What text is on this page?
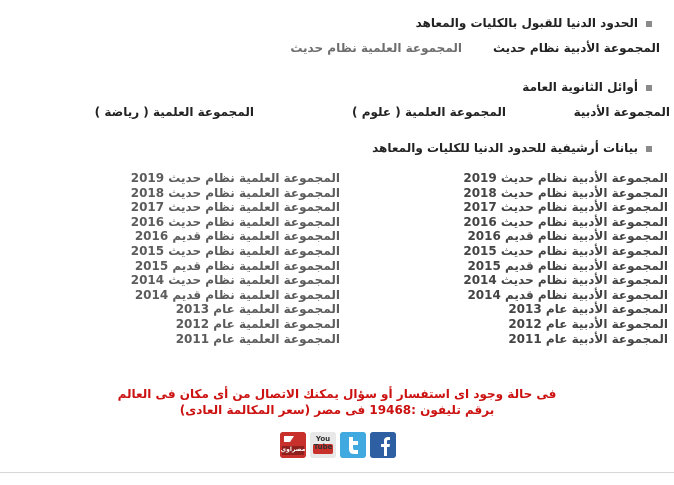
الحدود الدنيا للقبول بالكليات والمعاهد
المجموعة الأدبية نظام حديث
المجموعة العلمية نظام حديث
أوائل الثانوية العامة
المجموعة الأدبية
المجموعة العلمية ( علوم )
المجموعة العلمية ( رياضة )
بيانات أرشيفية للحدود الدنيا للكليات والمعاهد
المجموعة الأدبية نظام حديث 2019
المجموعة الأدبية نظام حديث 2018
المجموعة الأدبية نظام حديث 2017
المجموعة الأدبية نظام حديث 2016
المجموعة الأدبية نظام قديم 2016
المجموعة الأدبية نظام حديث 2015
المجموعة الأدبية نظام قديم 2015
المجموعة الأدبية نظام حديث 2014
المجموعة الأدبية نظام قديم 2014
المجموعة الأدبية عام 2013
المجموعة الأدبية عام 2012
المجموعة الأدبية عام 2011
المجموعة العلمية نظام حديث 2019
المجموعة العلمية نظام حديث 2018
المجموعة العلمية نظام حديث 2017
المجموعة العلمية نظام حديث 2016
المجموعة العلمية نظام قديم 2016
المجموعة العلمية نظام حديث 2015
المجموعة العلمية نظام قديم 2015
المجموعة العلمية نظام حديث 2014
المجموعة العلمية نظام قديم 2014
المجموعة العلمية عام 2013
المجموعة العلمية عام 2012
المجموعة العلمية عام 2011
فى حالة وجود اى استفسار أو سؤال يمكنك الاتصال من أى مكان فى العالم
برقم تليفون :19468 فى مصر (سعر المكالمة العادى)
مصراوي
You Tube
